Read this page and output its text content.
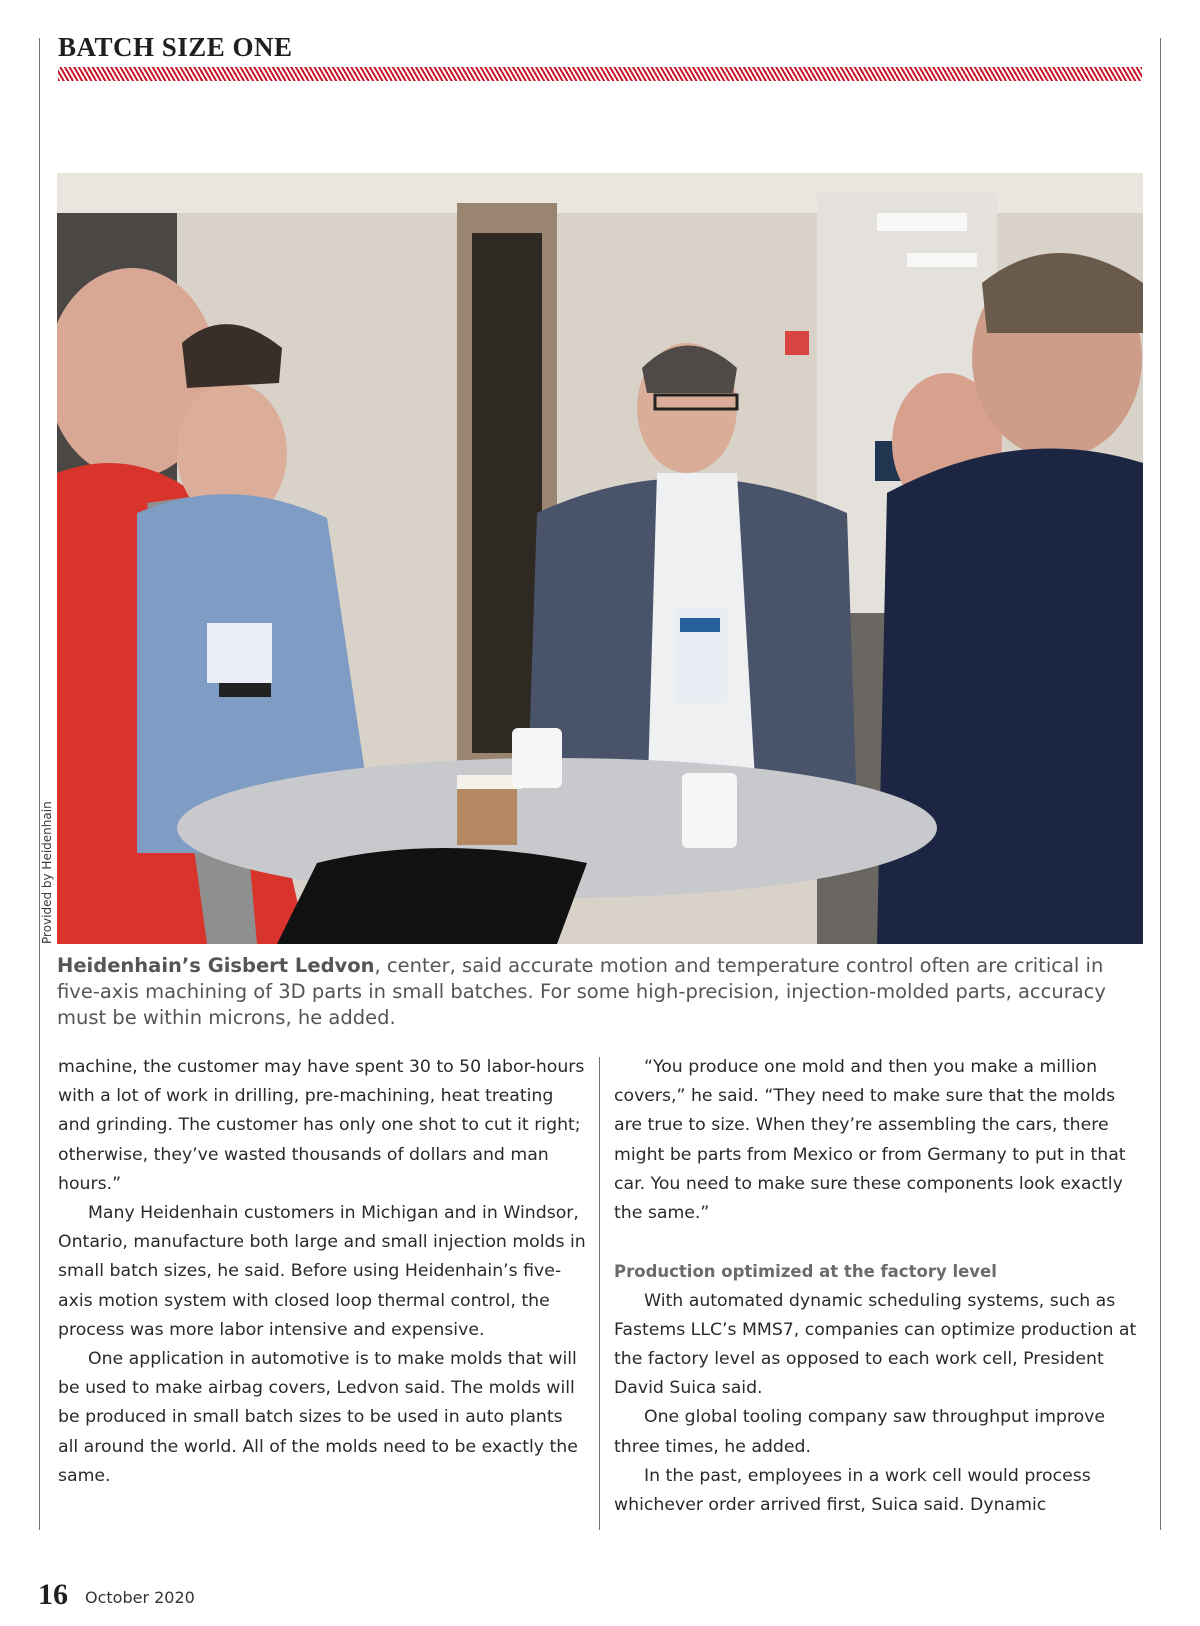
BATCH SIZE ONE
Provided by Heidenhain

Heidenhain’s Gisbert Ledvon, center, said accurate motion and temperature control often are critical in five-axis machining of 3D parts in small batches. For some high-precision, injection-molded parts, accuracy must be within microns, he added.

machine, the customer may have spent 30 to 50 labor-hours with a lot of work in drilling, pre-machining, heat treating and grinding. The customer has only one shot to cut it right; otherwise, they’ve wasted thousands of dollars and man hours.”

Many Heidenhain customers in Michigan and in Windsor, Ontario, manufacture both large and small injection molds in small batch sizes, he said. Before using Heidenhain’s five-axis motion system with closed loop thermal control, the process was more labor intensive and expensive.

One application in automotive is to make molds that will be used to make airbag covers, Ledvon said. The molds will be produced in small batch sizes to be used in auto plants all around the world. All of the molds need to be exactly the same.

“You produce one mold and then you make a million covers,” he said. “They need to make sure that the molds are true to size. When they’re assembling the cars, there might be parts from Mexico or from Germany to put in that car. You need to make sure these components look exactly the same.”

Production optimized at the factory level

With automated dynamic scheduling systems, such as Fastems LLC’s MMS7, companies can optimize production at the factory level as opposed to each work cell, President David Suica said.

One global tooling company saw throughput improve three times, he added.

In the past, employees in a work cell would process whichever order arrived first, Suica said. Dynamic

16 October 2020
